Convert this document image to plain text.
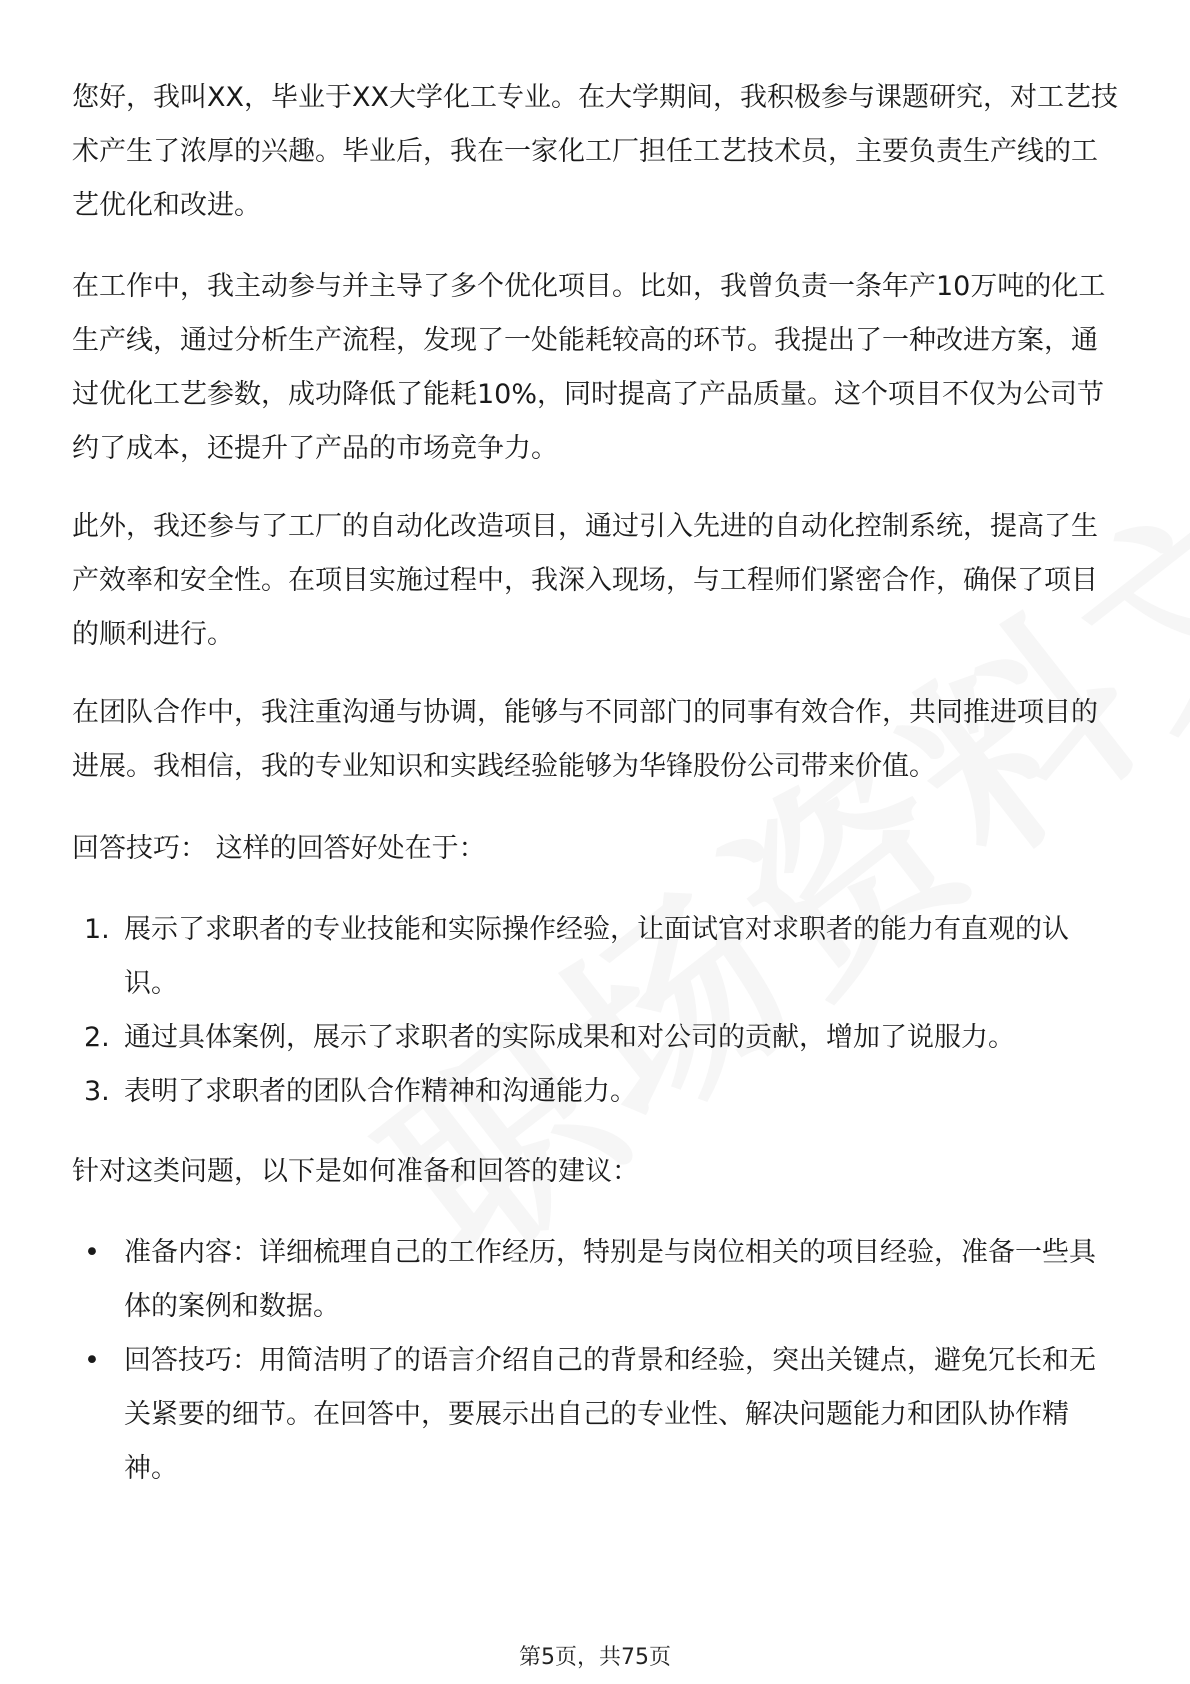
您好，我叫XX，毕业于XX大学化工专业。在大学期间，我积极参与课题研究，对工艺技术产生了浓厚的兴趣。毕业后，我在一家化工厂担任工艺技术员，主要负责生产线的工艺优化和改进。

在工作中，我主动参与并主导了多个优化项目。比如，我曾负责一条年产10万吨的化工生产线，通过分析生产流程，发现了一处能耗较高的环节。我提出了一种改进方案，通过优化工艺参数，成功降低了能耗10%，同时提高了产品质量。这个项目不仅为公司节约了成本，还提升了产品的市场竞争力。

此外，我还参与了工厂的自动化改造项目，通过引入先进的自动化控制系统，提高了生产效率和安全性。在项目实施过程中，我深入现场，与工程师们紧密合作，确保了项目的顺利进行。

在团队合作中，我注重沟通与协调，能够与不同部门的同事有效合作，共同推进项目的进展。我相信，我的专业知识和实践经验能够为华锋股份公司带来价值。

回答技巧： 这样的回答好处在于：

1. 展示了求职者的专业技能和实际操作经验，让面试官对求职者的能力有直观的认识。
2. 通过具体案例，展示了求职者的实际成果和对公司的贡献，增加了说服力。
3. 表明了求职者的团队合作精神和沟通能力。

针对这类问题，以下是如何准备和回答的建议：

• 准备内容：详细梳理自己的工作经历，特别是与岗位相关的项目经验，准备一些具体的案例和数据。
• 回答技巧：用简洁明了的语言介绍自己的背景和经验，突出关键点，避免冗长和无关紧要的细节。在回答中，要展示出自己的专业性、解决问题能力和团队协作精神。
第5页，共75页
